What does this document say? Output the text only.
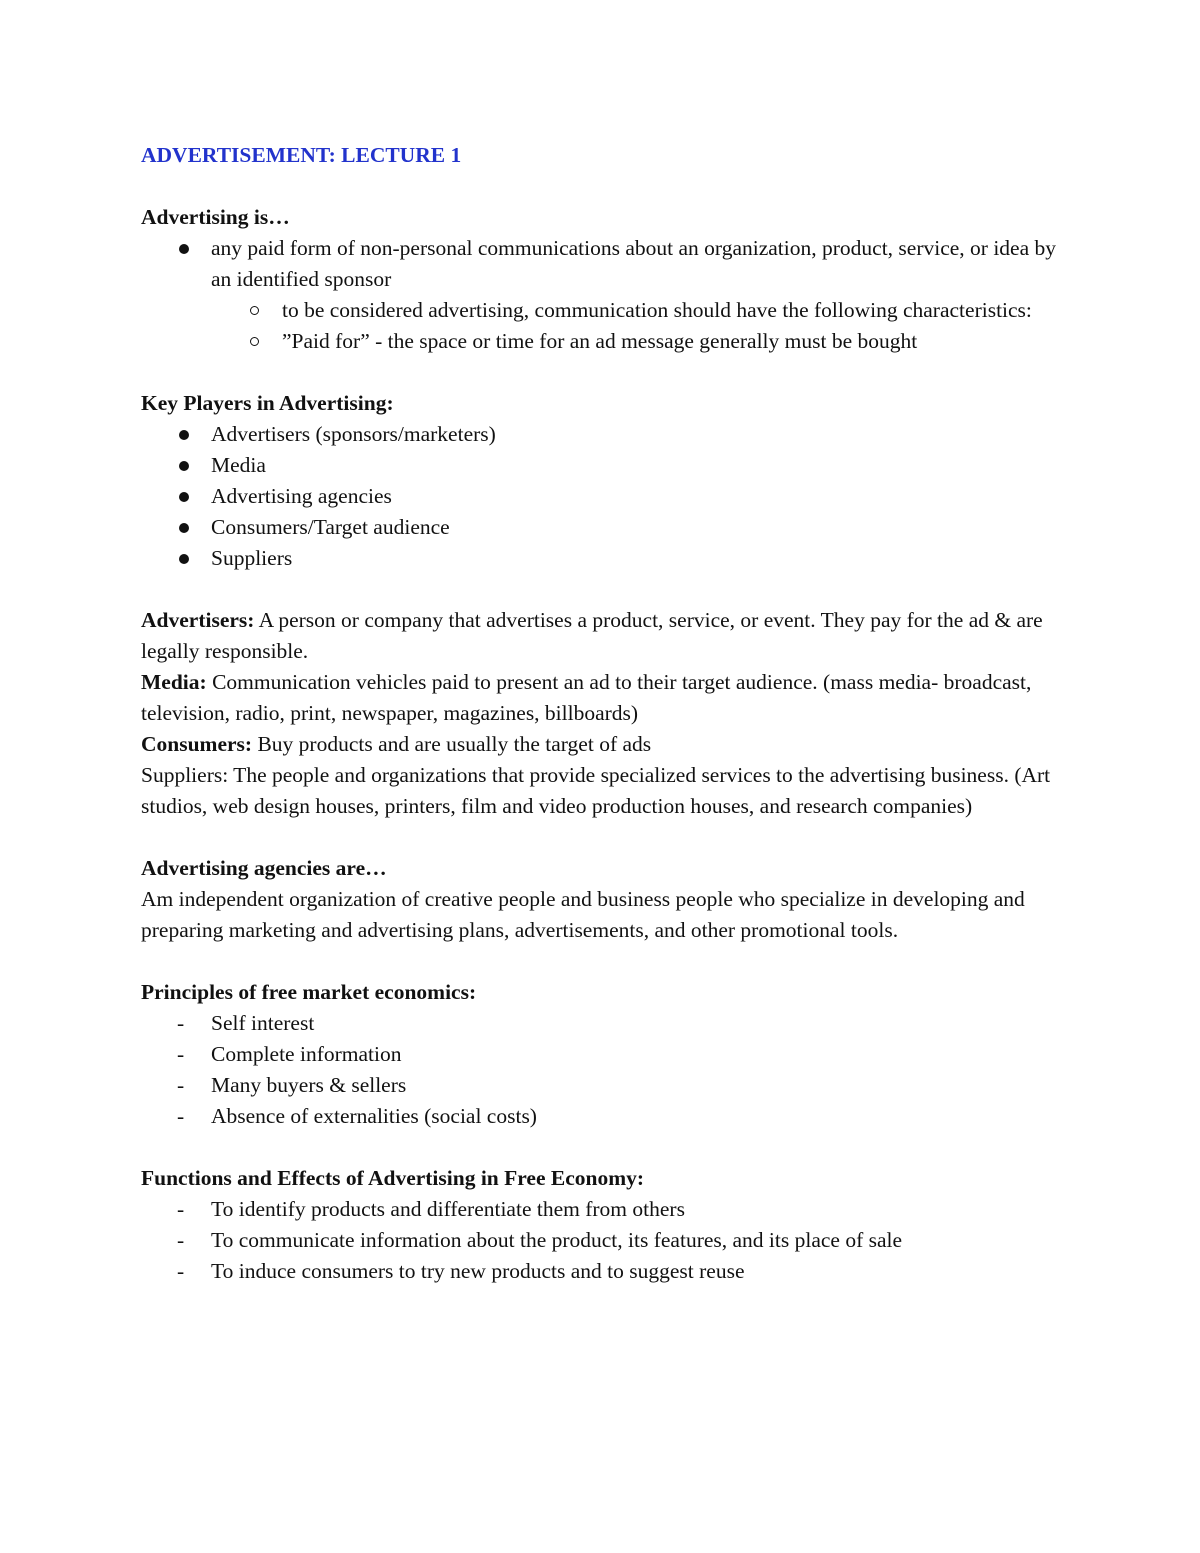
ADVERTISEMENT: LECTURE 1

Advertising is…

any paid form of non-personal communications about an organization, product, service, or idea by an identified sponsor
to be considered advertising, communication should have the following characteristics:
”Paid for” - the space or time for an ad message generally must be bought

Key Players in Advertising:

Advertisers (sponsors/marketers)
Media
Advertising agencies
Consumers/Target audience
Suppliers

Advertisers: A person or company that advertises a product, service, or event. They pay for the ad & are legally responsible.

Media: Communication vehicles paid to present an ad to their target audience. (mass media- broadcast, television, radio, print, newspaper, magazines, billboards)

Consumers: Buy products and are usually the target of ads

Suppliers: The people and organizations that provide specialized services to the advertising business. (Art studios, web design houses, printers, film and video production houses, and research companies)

Advertising agencies are…

Am independent organization of creative people and business people who specialize in developing and preparing marketing and advertising plans, advertisements, and other promotional tools.

Principles of free market economics:

- Self interest
- Complete information
- Many buyers & sellers
- Absence of externalities (social costs)

Functions and Effects of Advertising in Free Economy:

- To identify products and differentiate them from others
- To communicate information about the product, its features, and its place of sale
- To induce consumers to try new products and to suggest reuse
